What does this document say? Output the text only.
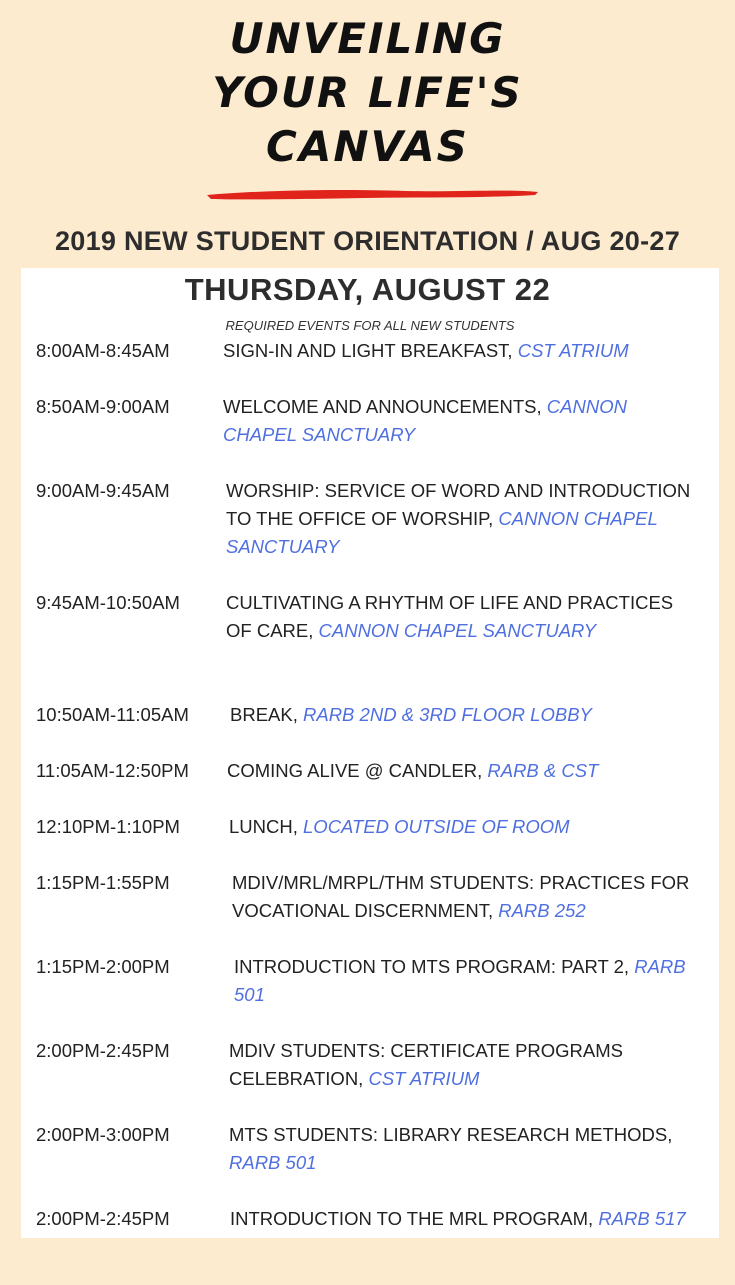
UNVEILING
YOUR LIFE'S
CANVAS
2019 NEW STUDENT ORIENTATION / AUG 20-27
THURSDAY, AUGUST 22
REQUIRED EVENTS FOR ALL NEW STUDENTS
8:00AM-8:45AM	SIGN-IN AND LIGHT BREAKFAST, CST ATRIUM
8:50AM-9:00AM	WELCOME AND ANNOUNCEMENTS, CANNON CHAPEL SANCTUARY
9:00AM-9:45AM	WORSHIP: SERVICE OF WORD AND INTRODUCTION TO THE OFFICE OF WORSHIP, CANNON CHAPEL SANCTUARY
9:45AM-10:50AM CULTIVATING A RHYTHM OF LIFE AND PRACTICES OF CARE, CANNON CHAPEL SANCTUARY
10:50AM-11:05AM BREAK, RARB 2ND & 3RD FLOOR LOBBY
11:05AM-12:50PM COMING ALIVE @ CANDLER, RARB & CST
12:10PM-1:10PM	LUNCH, LOCATED OUTSIDE OF ROOM
1:15PM-1:55PM	MDIV/MRL/MRPL/THM STUDENTS: PRACTICES FOR VOCATIONAL DISCERNMENT, RARB 252
1:15PM-2:00PM	INTRODUCTION TO MTS PROGRAM: PART 2, RARB 501
2:00PM-2:45PM	MDIV STUDENTS: CERTIFICATE PROGRAMS CELEBRATION, CST ATRIUM
2:00PM-3:00PM	MTS STUDENTS: LIBRARY RESEARCH METHODS, RARB 501
2:00PM-2:45PM	INTRODUCTION TO THE MRL PROGRAM, RARB 517
